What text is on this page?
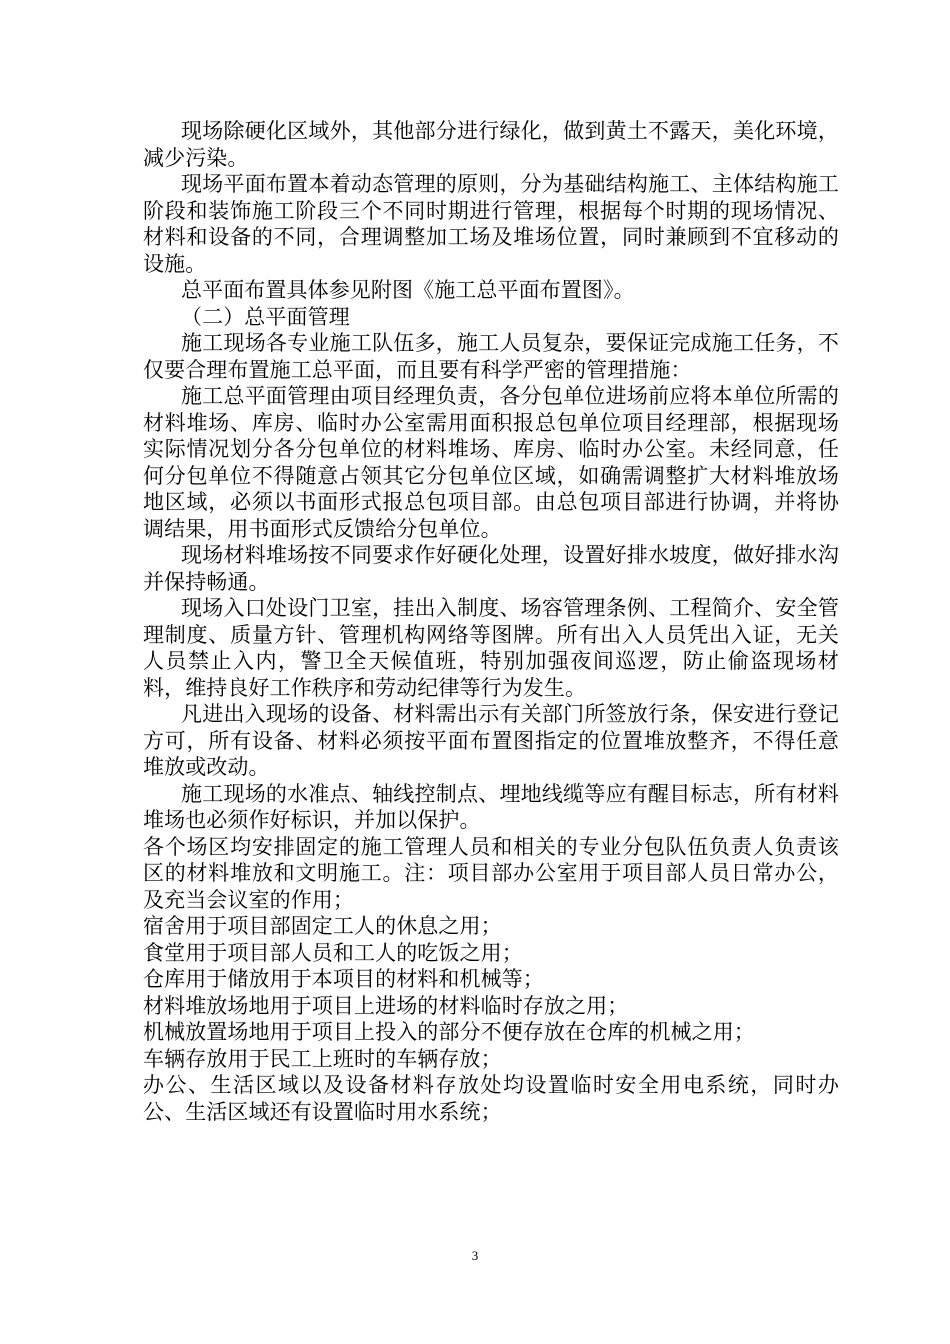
现场除硬化区域外，其他部分进行绿化，做到黄土不露天，美化环境，减少污染。

现场平面布置本着动态管理的原则，分为基础结构施工、主体结构施工阶段和装饰施工阶段三个不同时期进行管理，根据每个时期的现场情况、材料和设备的不同，合理调整加工场及堆场位置，同时兼顾到不宜移动的设施。

总平面布置具体参见附图《施工总平面布置图》。

（二）总平面管理

施工现场各专业施工队伍多，施工人员复杂，要保证完成施工任务，不仅要合理布置施工总平面，而且要有科学严密的管理措施：

施工总平面管理由项目经理负责，各分包单位进场前应将本单位所需的材料堆场、库房、临时办公室需用面积报总包单位项目经理部，根据现场实际情况划分各分包单位的材料堆场、库房、临时办公室。未经同意，任何分包单位不得随意占领其它分包单位区域，如确需调整扩大材料堆放场地区域，必须以书面形式报总包项目部。由总包项目部进行协调，并将协调结果，用书面形式反馈给分包单位。

现场材料堆场按不同要求作好硬化处理，设置好排水坡度，做好排水沟并保持畅通。

现场入口处设门卫室，挂出入制度、场容管理条例、工程简介、安全管理制度、质量方针、管理机构网络等图牌。所有出入人员凭出入证，无关人员禁止入内，警卫全天候值班，特别加强夜间巡逻，防止偷盗现场材料，维持良好工作秩序和劳动纪律等行为发生。

凡进出入现场的设备、材料需出示有关部门所签放行条，保安进行登记方可，所有设备、材料必须按平面布置图指定的位置堆放整齐，不得任意堆放或改动。

施工现场的水准点、轴线控制点、埋地线缆等应有醒目标志，所有材料堆场也必须作好标识，并加以保护。

各个场区均安排固定的施工管理人员和相关的专业分包队伍负责人负责该区的材料堆放和文明施工。注：项目部办公室用于项目部人员日常办公，及充当会议室的作用；

宿舍用于项目部固定工人的休息之用；

食堂用于项目部人员和工人的吃饭之用；

仓库用于储放用于本项目的材料和机械等；

材料堆放场地用于项目上进场的材料临时存放之用；

机械放置场地用于项目上投入的部分不便存放在仓库的机械之用；

车辆存放用于民工上班时的车辆存放；

办公、生活区域以及设备材料存放处均设置临时安全用电系统，同时办公、生活区域还有设置临时用水系统；

3
